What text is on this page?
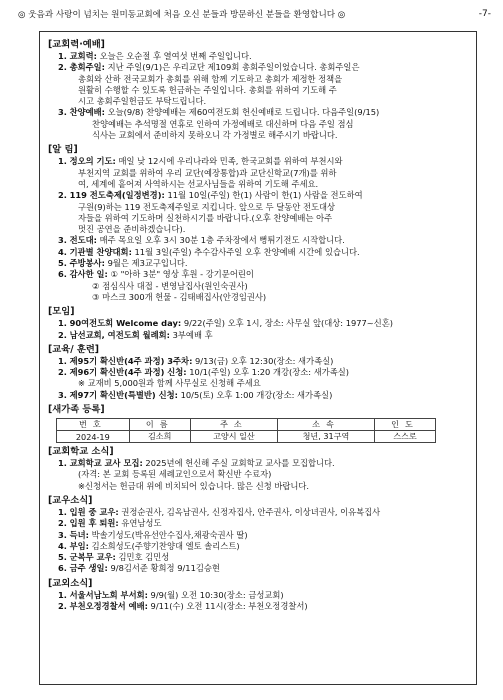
◎ 웃음과 사랑이 넘치는 원미동교회에 처음 오신 분들과 방문하신 분들을 환영합니다 ◎	-7-
[교회력·예배]
1. 교회력: 오늘은 오순절 후 열여섯 번째 주일입니다.
2. 총회주일: 지난 주일(9/1)은 우리교단 제109회 총회주일이었습니다. 총회주일은
총회와 산하 전국교회가 총회를 위해 함께 기도하고 총회가 제정한 정책을
원활히 수행할 수 있도록 헌금하는 주일입니다. 총회를 위하여 기도해 주
시고 총회주일헌금도 부탁드립니다.
3. 찬양예배: 오늘(9/8) 찬양예배는 제60여전도회 헌신예배로 드립니다. 다음주일(9/15)
찬양예배는 추석명절 연휴로 인하여 가정예배로 대신하며 다음 주일 점심
식사는 교회에서 준비하지 못하오니 각 가정별로 해주시기 바랍니다.
[알 림]
1. 정오의 기도: 매일 낮 12시에 우리나라와 민족, 한국교회를 위하여 부천시와
부천지역 교회를 위하여 우리 교단(예장통합)과 교단신학교(7개)를 위하
여, 세계에 흩어져 사역하시는 선교사님들을 위하여 기도해 주세요.
2. 119 전도축제(일정변경): 11월 10일(주일) 한(1) 사람이 한(1) 사람을 전도하여
구원(9)하는 119 전도축제주일로 지킵니다. 앞으로 두 달동안 전도대상
자들을 위하여 기도하며 실천하시기를 바랍니다.(오후 찬양예배는 아주
멋진 공연을 준비하겠습니다).
3. 전도대: 매주 목요일 오후 3시 30분 1층 주차장에서 뻥튀기전도 시작합니다.
4. 기관별 찬양대회: 11월 3일(주일) 추수감사주일 오후 찬양예배 시간에 있습니다.
5. 주방봉사: 9월은 제3교구입니다.
6. 감사한 일: ① "아하 3분" 영상 후원 - 강기문어린이
② 점심식사 대접 - 변영남집사(원인숙권사)
③ 마스크 300개 헌물 - 김태배집사(안경임권사)
[모임]
1. 90여전도회 Welcome day: 9/22(주일) 오후 1시, 장소: 사무실 앞(대상: 1977~신혼)
2. 남선교회, 여전도회 월례회: 3부예배 후
[교육/ 훈련]
1. 제95기 확신반(4주 과정) 3주차: 9/13(금) 오후 12:30(장소: 새가족실)
2. 제96기 확신반(4주 과정) 신청: 10/1(주일) 오후 1:20 개강(장소: 새가족실)
※ 교재비 5,000원과 함께 사무실로 신청해 주세요
3. 제97기 확신반(특별반) 신청: 10/5(토) 오후 1:00 개강(장소: 새가족실)
[새가족 등록]
번호	이름	주소	소속	인도
2024-19	김소희	고양시 일산	청년, 31구역	스스로
[교회학교 소식]
1. 교회학교 교사 모집: 2025년에 헌신해 주실 교회학교 교사를 모집합니다.
(자격: 본 교회 등록된 세례교인으로서 확신반 수료자)
※신청서는 헌금대 위에 비치되어 있습니다. 많은 신청 바랍니다.
[교우소식]
1. 입원 중 교우: 권정순권사, 김옥남권사, 신정자집사, 안주권사, 이상녀권사, 이유복집사
2. 입원 후 퇴원: 유연남성도
3. 득녀: 박솔기성도(박유선안수집사,채광숙권사 딸)
4. 부임: 김소희성도(주향기찬양대 엘토 솔리스트)
5. 군복무 교우: 김민호 김민성
6. 금주 생일: 9/8김서준 황희정 9/11김승현
[교외소식]
1. 서울서남노회 부서회: 9/9(월) 오전 10:30(장소: 금성교회)
2. 부천오정경찰서 예배: 9/11(수) 오전 11시(장소: 부천오정경찰서)
